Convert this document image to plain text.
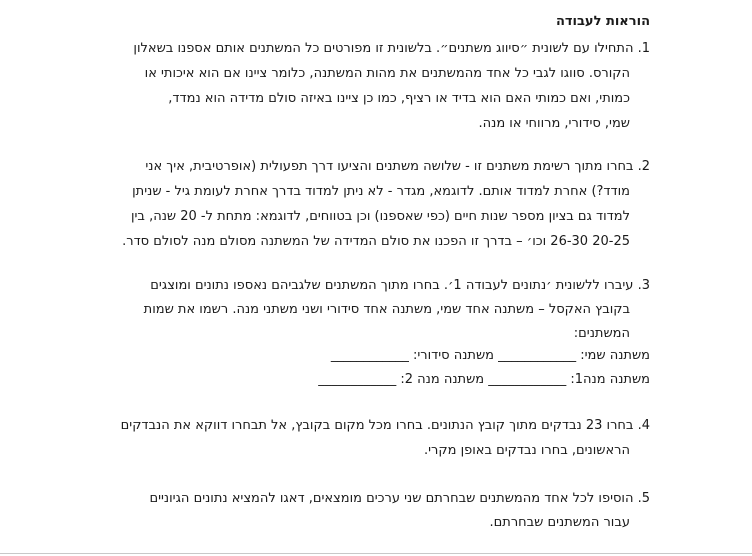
הוראות לעבודה
1. התחילו עם לשונית ״סיווג משתנים״. בלשונית זו מפורטים כל המשתנים אותם אספנו בשאלון
הקורס. סווגו לגבי כל אחד מהמשתנים את מהות המשתנה, כלומר ציינו אם הוא איכותי או
כמותי, ואם כמותי האם הוא בדיד או רציף, כמו כן ציינו באיזה סולם מדידה הוא נמדד,
שמי, סידורי, מרווחי או מנה.
2. בחרו מתוך רשימת משתנים זו - שלושה משתנים והציעו דרך תפעולית (אופרטיבית, איך אני
מודד?) אחרת למדוד אותם. לדוגמא, מגדר - לא ניתן למדוד בדרך אחרת לעומת גיל - שניתן
למדוד גם בציון מספר שנות חיים (כפי שאספנו) וכן בטווחים, לדוגמא: מתחת ל- 20 שנה, בין
20-25 26-30 וכו׳ – בדרך זו הפכנו את סולם המדידה של המשתנה מסולם מנה לסולם סדר.
3. עיברו ללשונית ׳נתונים לעבודה 1׳. בחרו מתוך המשתנים שלגביהם נאספו נתונים ומוצגים
בקובץ האקסל – משתנה אחד שמי, משתנה אחד סידורי ושני משתני מנה. רשמו את שמות
המשתנים:
משתנה שמי: ____________ משתנה סידורי: ____________
משתנה מנה1: ____________ משתנה מנה 2: ____________
4. בחרו 23 נבדקים מתוך קובץ הנתונים. בחרו מכל מקום בקובץ, אל תבחרו דווקא את הנבדקים
הראשונים, בחרו נבדקים באופן מקרי.
5. הוסיפו לכל אחד מהמשתנים שבחרתם שני ערכים מומצאים, דאגו להמציא נתונים הגיוניים
עבור המשתנים שבחרתם.
